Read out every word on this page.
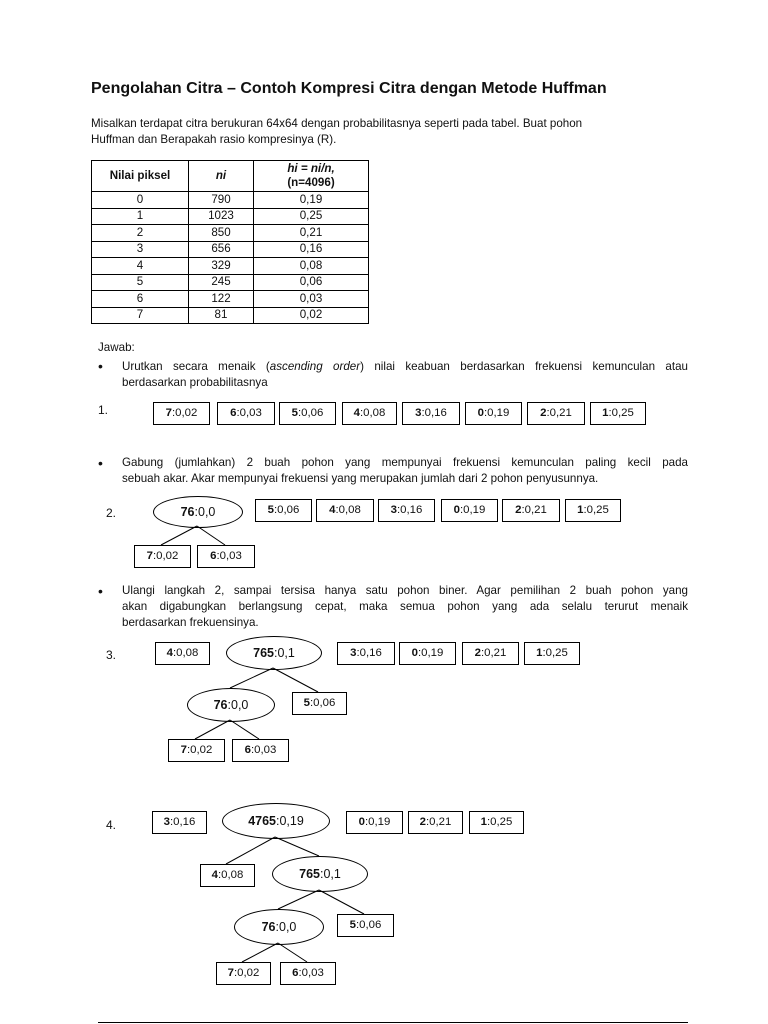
Pengolahan Citra – Contoh Kompresi Citra dengan Metode Huffman
Misalkan terdapat citra berukuran 64x64 dengan probabilitasnya seperti pada tabel. Buat pohon
Huffman dan Berapakah rasio kompresinya (R).
Nilai piksel	ni	hi = ni/n,
(n=4096)
0	790	0,19
1	1023	0,25
2	850	0,21
3	656	0,16
4	329	0,08
5	245	0,06
6	122	0,03
7	81	0,02
Jawab:
• Urutkan secara menaik (ascending order) nilai keabuan berdasarkan frekuensi kemunculan atau
berdasarkan probabilitasnya
1.	7:0,02	6:0,03	5:0,06	4:0,08	3:0,16	0:0,19	2:0,21	1:0,25
• Gabung (jumlahkan) 2 buah pohon yang mempunyai frekuensi kemunculan paling kecil pada
sebuah akar. Akar mempunyai frekuensi yang merupakan jumlah dari 2 pohon penyusunnya.
2.	76:0,0
7:0,02	6:0,03
5:0,06	4:0,08	3:0,16	0:0,19	2:0,21	1:0,25
• Ulangi langkah 2, sampai tersisa hanya satu pohon biner. Agar pemilihan 2 buah pohon yang
akan digabungkan berlangsung cepat, maka semua pohon yang ada selalu terurut menaik
berdasarkan frekuensinya.
3.	4:0,08	765:0,1	3:0,16	0:0,19	2:0,21	1:0,25
76:0,0	5:0,06
7:0,02	6:0,03
4.	3:0,16	4765:0,19	0:0,19	2:0,21	1:0,25
4:0,08	765:0,1
76:0,0	5:0,06
7:0,02	6:0,03
